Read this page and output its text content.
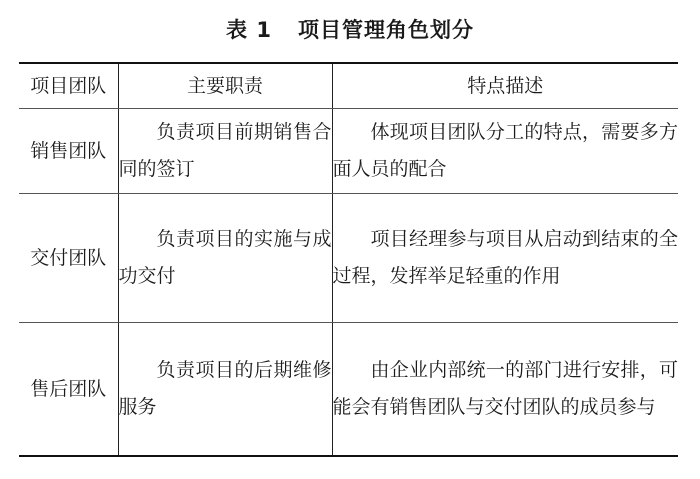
表 1 项目管理角色划分
项目团队	主要职责	特点描述
销售团队	负责项目前期销售合同的签订	体现项目团队分工的特点，需要多方面人员的配合
交付团队	负责项目的实施与成功交付	项目经理参与项目从启动到结束的全过程，发挥举足轻重的作用
售后团队	负责项目的后期维修服务	由企业内部统一的部门进行安排，可能会有销售团队与交付团队的成员参与
